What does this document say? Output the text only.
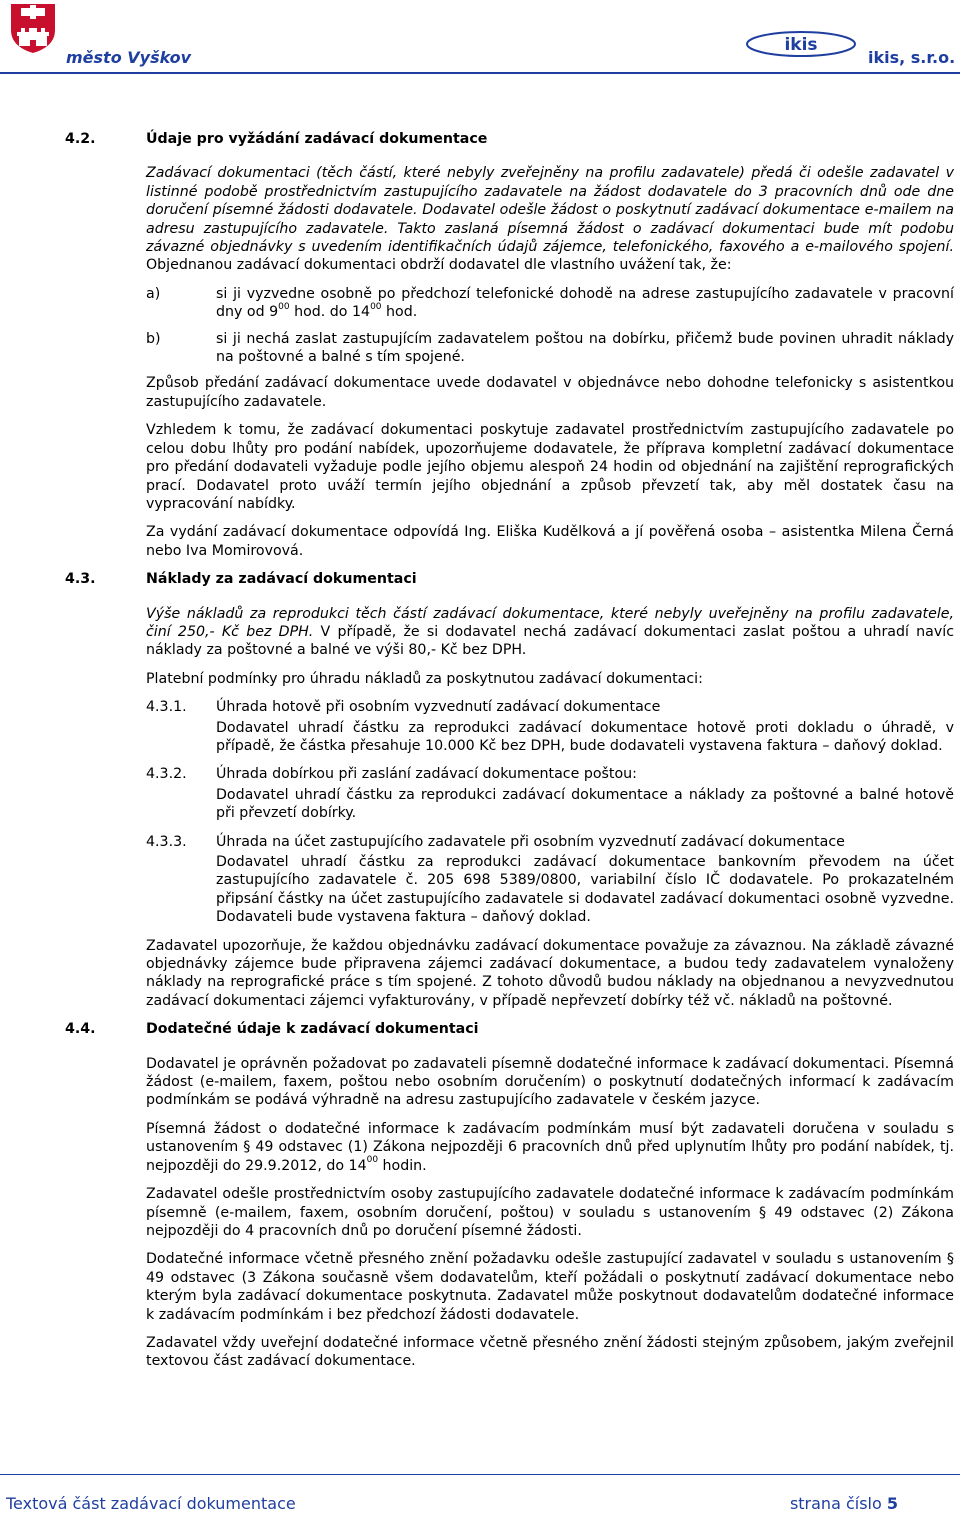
město Vyškov
ikis
ikis, s.r.o.
4.2.	Údaje pro vyžádání zadávací dokumentace

Zadávací dokumentaci (těch částí, které nebyly zveřejněny na profilu zadavatele) předá či odešle zadavatel v listinné podobě prostřednictvím zastupujícího zadavatele na žádost dodavatele do 3 pracovních dnů ode dne doručení písemné žádosti dodavatele. Dodavatel odešle žádost o poskytnutí zadávací dokumentace e-mailem na adresu zastupujícího zadavatele. Takto zaslaná písemná žádost o zadávací dokumentaci bude mít podobu závazné objednávky s uvedením identifikačních údajů zájemce, telefonického, faxového a e-mailového spojení. Objednanou zadávací dokumentaci obdrží dodavatel dle vlastního uvážení tak, že:

a)	si ji vyzvedne osobně po předchozí telefonické dohodě na adrese zastupujícího zadavatele v pracovní dny od $9^{00}$ hod. do $14^{00}$ hod.
b)	si ji nechá zaslat zastupujícím zadavatelem poštou na dobírku, přičemž bude povinen uhradit náklady na poštovné a balné s tím spojené.

Způsob předání zadávací dokumentace uvede dodavatel v objednávce nebo dohodne telefonicky s asistentkou zastupujícího zadavatele.

Vzhledem k tomu, že zadávací dokumentaci poskytuje zadavatel prostřednictvím zastupujícího zadavatele po celou dobu lhůty pro podání nabídek, upozorňujeme dodavatele, že příprava kompletní zadávací dokumentace pro předání dodavateli vyžaduje podle jejího objemu alespoň 24 hodin od objednání na zajištění reprografických prací. Dodavatel proto uváží termín jejího objednání a způsob převzetí tak, aby měl dostatek času na vypracování nabídky.

Za vydání zadávací dokumentace odpovídá Ing. Eliška Kudělková a jí pověřená osoba – asistentka Milena Černá nebo Iva Momirovová.

4.3.	Náklady za zadávací dokumentaci

Výše nákladů za reprodukci těch částí zadávací dokumentace, které nebyly uveřejněny na profilu zadavatele, činí 250,- Kč bez DPH. V případě, že si dodavatel nechá zadávací dokumentaci zaslat poštou a uhradí navíc náklady za poštovné a balné ve výši 80,- Kč bez DPH.

Platební podmínky pro úhradu nákladů za poskytnutou zadávací dokumentaci:

4.3.1. Úhrada hotově při osobním vyzvednutí zadávací dokumentace

Dodavatel uhradí částku za reprodukci zadávací dokumentace hotově proti dokladu o úhradě, v případě, že částka přesahuje 10.000 Kč bez DPH, bude dodavateli vystavena faktura – daňový doklad.

4.3.2. Úhrada dobírkou při zaslání zadávací dokumentace poštou:

Dodavatel uhradí částku za reprodukci zadávací dokumentace a náklady za poštovné a balné hotově při převzetí dobírky.

4.3.3. Úhrada na účet zastupujícího zadavatele při osobním vyzvednutí zadávací dokumentace

Dodavatel uhradí částku za reprodukci zadávací dokumentace bankovním převodem na účet zastupujícího zadavatele č. 205 698 5389/0800, variabilní číslo IČ dodavatele. Po prokazatelném připsání částky na účet zastupujícího zadavatele si dodavatel zadávací dokumentaci osobně vyzvedne. Dodavateli bude vystavena faktura – daňový doklad.

Zadavatel upozorňuje, že každou objednávku zadávací dokumentace považuje za závaznou. Na základě závazné objednávky zájemce bude připravena zájemci zadávací dokumentace, a budou tedy zadavatelem vynaloženy náklady na reprografické práce s tím spojené. Z tohoto důvodů budou náklady na objednanou a nevyzvednutou zadávací dokumentaci zájemci vyfakturovány, v případě nepřevzetí dobírky též vč. nákladů na poštovné.

4.4.	Dodatečné údaje k zadávací dokumentaci

Dodavatel je oprávněn požadovat po zadavateli písemně dodatečné informace k zadávací dokumentaci. Písemná žádost (e-mailem, faxem, poštou nebo osobním doručením) o poskytnutí dodatečných informací k zadávacím podmínkám se podává výhradně na adresu zastupujícího zadavatele v českém jazyce.

Písemná žádost o dodatečné informace k zadávacím podmínkám musí být zadavateli doručena v souladu s ustanovením § 49 odstavec (1) Zákona nejpozději 6 pracovních dnů před uplynutím lhůty pro podání nabídek, tj. nejpozději do 29.9.2012, do $14^{00}$ hodin.

Zadavatel odešle prostřednictvím osoby zastupujícího zadavatele dodatečné informace k zadávacím podmínkám písemně (e-mailem, faxem, osobním doručení, poštou) v souladu s ustanovením § 49 odstavec (2) Zákona nejpozději do 4 pracovních dnů po doručení písemné žádosti.

Dodatečné informace včetně přesného znění požadavku odešle zastupující zadavatel v souladu s ustanovením § 49 odstavec (3 Zákona současně všem dodavatelům, kteří požádali o poskytnutí zadávací dokumentace nebo kterým byla zadávací dokumentace poskytnuta. Zadavatel může poskytnout dodavatelům dodatečné informace k zadávacím podmínkám i bez předchozí žádosti dodavatele.

Zadavatel vždy uveřejní dodatečné informace včetně přesného znění žádosti stejným způsobem, jakým zveřejnil textovou část zadávací dokumentace.

Textová část zadávací dokumentace	strana číslo 5
